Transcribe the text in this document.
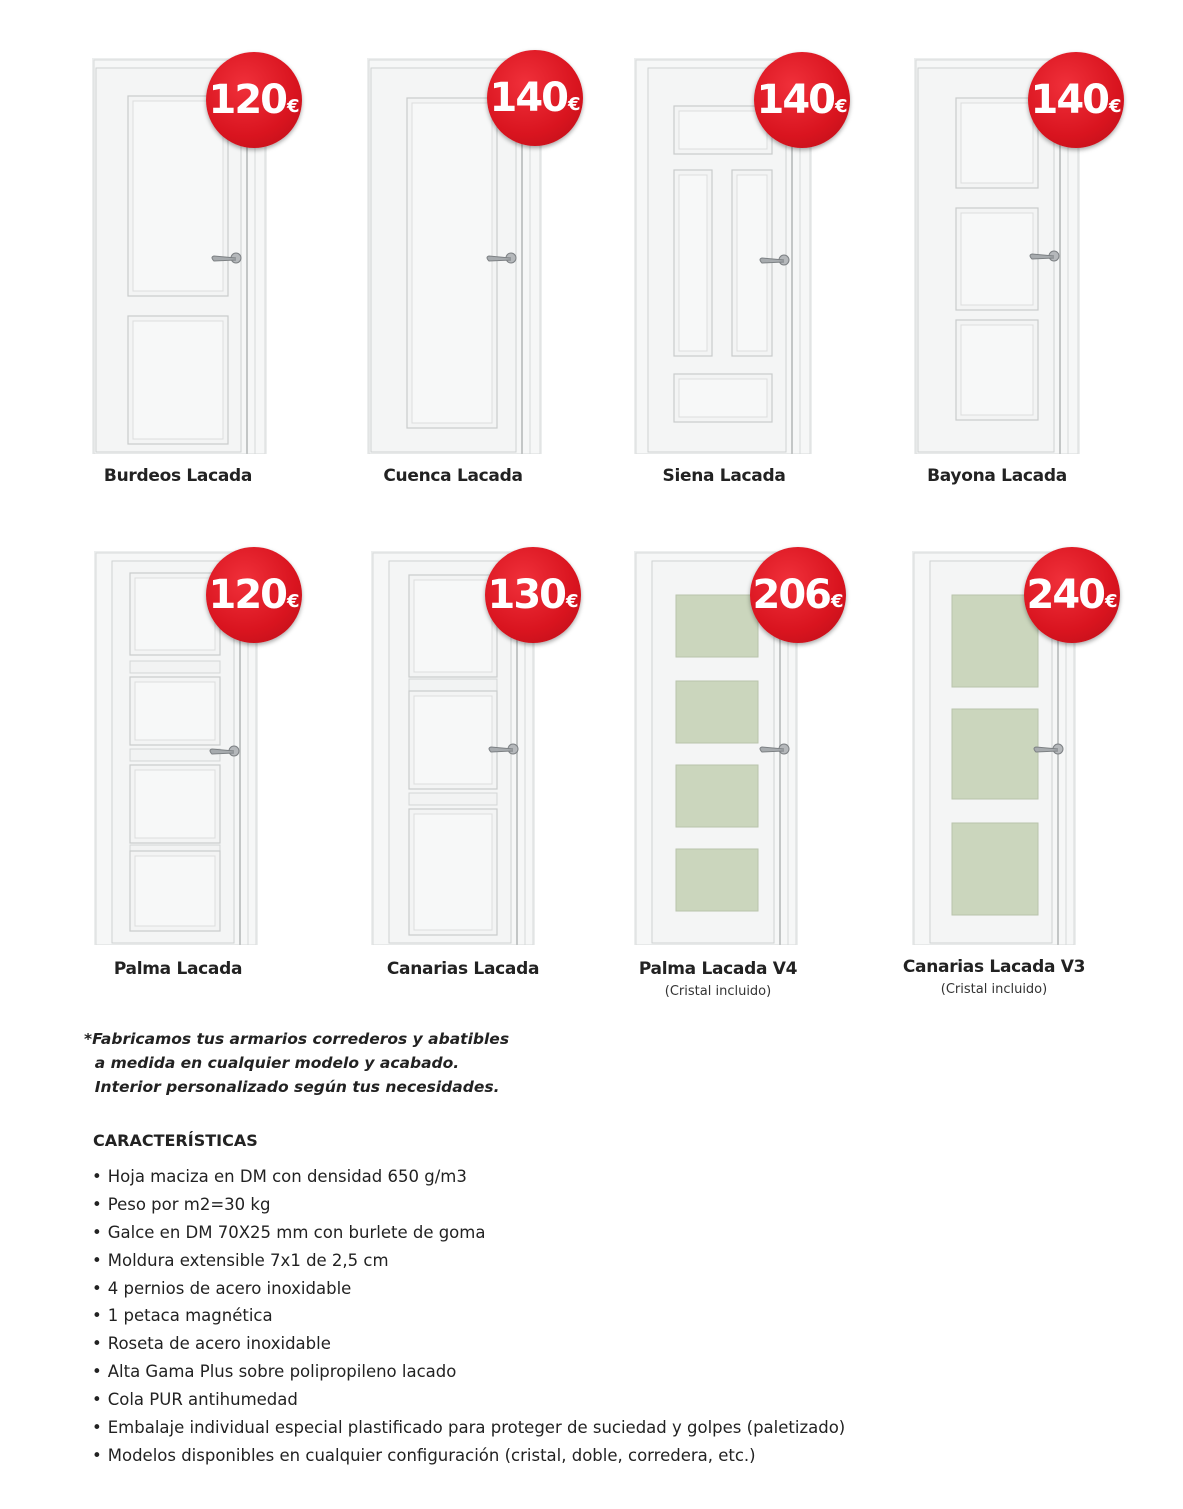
120 €
Burdeos Lacada
140 €
Cuenca Lacada
140 €
Siena Lacada
140 €
Bayona Lacada
120 €
Palma Lacada
130 €
Canarias Lacada
206 €
Palma Lacada V4
(Cristal incluido)
240 €
Canarias Lacada V3
(Cristal incluido)
*Fabricamos tus armarios correderos y abatibles
a medida en cualquier modelo y acabado.
Interior personalizado según tus necesidades.
CARACTERÍSTICAS
• Hoja maciza en DM con densidad 650 g/m3
• Peso por m2=30 kg
• Galce en DM 70X25 mm con burlete de goma
• Moldura extensible 7x1 de 2,5 cm
• 4 pernios de acero inoxidable
• 1 petaca magnética
• Roseta de acero inoxidable
• Alta Gama Plus sobre polipropileno lacado
• Cola PUR antihumedad
• Embalaje individual especial plastificado para proteger de suciedad y golpes (paletizado)
• Modelos disponibles en cualquier configuración (cristal, doble, corredera, etc.)
